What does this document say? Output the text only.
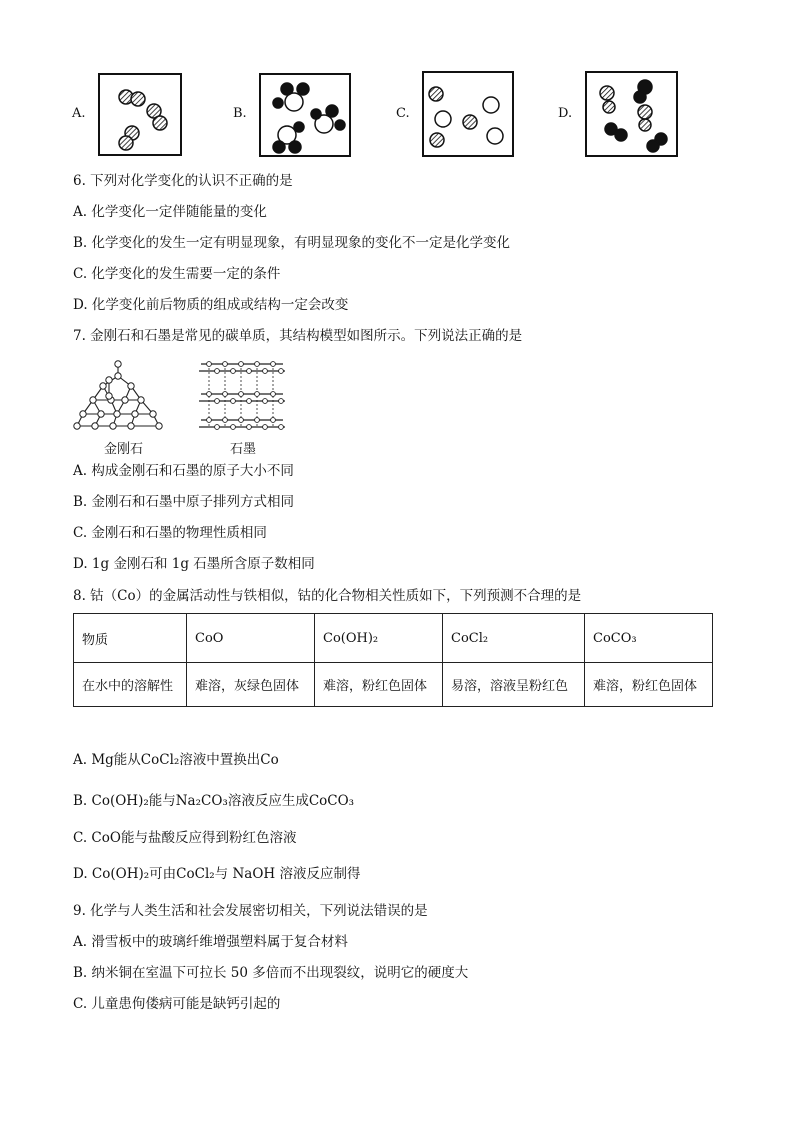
A.	B.	C.	D.
6. 下列对化学变化的认识不正确的是
A. 化学变化一定伴随能量的变化
B. 化学变化的发生一定有明显现象，有明显现象的变化不一定是化学变化
C. 化学变化的发生需要一定的条件
D. 化学变化前后物质的组成或结构一定会改变
7. 金刚石和石墨是常见的碳单质，其结构模型如图所示。下列说法正确的是
金刚石	石墨
A. 构成金刚石和石墨的原子大小不同
B. 金刚石和石墨中原子排列方式相同
C. 金刚石和石墨的物理性质相同
D. 1g 金刚石和 1g 石墨所含原子数相同
8. 钴（Co）的金属活动性与铁相似，钴的化合物相关性质如下，下列预测不合理的是
物质	CoO	Co(OH)₂	CoCl₂	CoCO₃
在水中的溶解性	难溶，灰绿色固体	难溶，粉红色固体	易溶，溶液呈粉红色	难溶，粉红色固体
A. Mg能从CoCl₂溶液中置换出Co
B. Co(OH)₂能与Na₂CO₃溶液反应生成CoCO₃
C. CoO能与盐酸反应得到粉红色溶液
D. Co(OH)₂可由CoCl₂与 NaOH 溶液反应制得
9. 化学与人类生活和社会发展密切相关，下列说法错误的是
A. 滑雪板中的玻璃纤维增强塑料属于复合材料
B. 纳米铜在室温下可拉长 50 多倍而不出现裂纹，说明它的硬度大
C. 儿童患佝偻病可能是缺钙引起的
